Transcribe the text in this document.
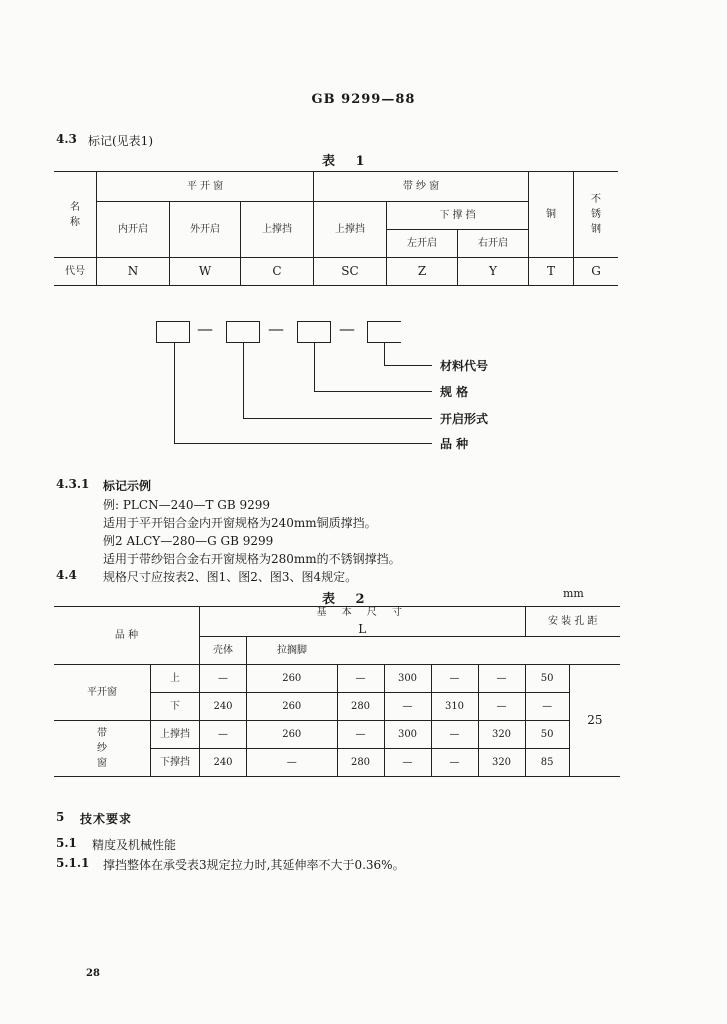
GB 9299—88
4.3 标记(见表1)
表 1
名称	平 开 窗			带 纱 窗			铜	不锈钢
	内开启	外开启	上撑挡	上撑挡	下 撑 挡			
					左开启	右开启		
代号	N	W	C	SC	Z	Y	T	G
—	—	—
材料代号
规 格
开启形式
品 种
4.3.1 标记示例
例: PLCN—240—T GB 9299
适用于平开铝合金内开窗规格为240mm铜质撑挡。
例2 ALCY—280—G GB 9299
适用于带纱铝合金右开窗规格为280mm的不锈钢撑挡。
4.4 规格尺寸应按表2、图1、图2、图3、图4规定。
mm
表 2
品 种		基 本 尺 寸
L						安 装 孔 距	
		壳体	拉搁脚						
平开窗	上	—	260	—	300	—	—	50	25
	下	240	260	280	—	310	—	—	
带纱窗	上撑挡	—	260	—	300	—	320	50	
	下撑挡	240	—	280	—	—	320	85	
5 技术要求
5.1 精度及机械性能
5.1.1 撑挡整体在承受表3规定拉力时,其延伸率不大于0.36%。
28
